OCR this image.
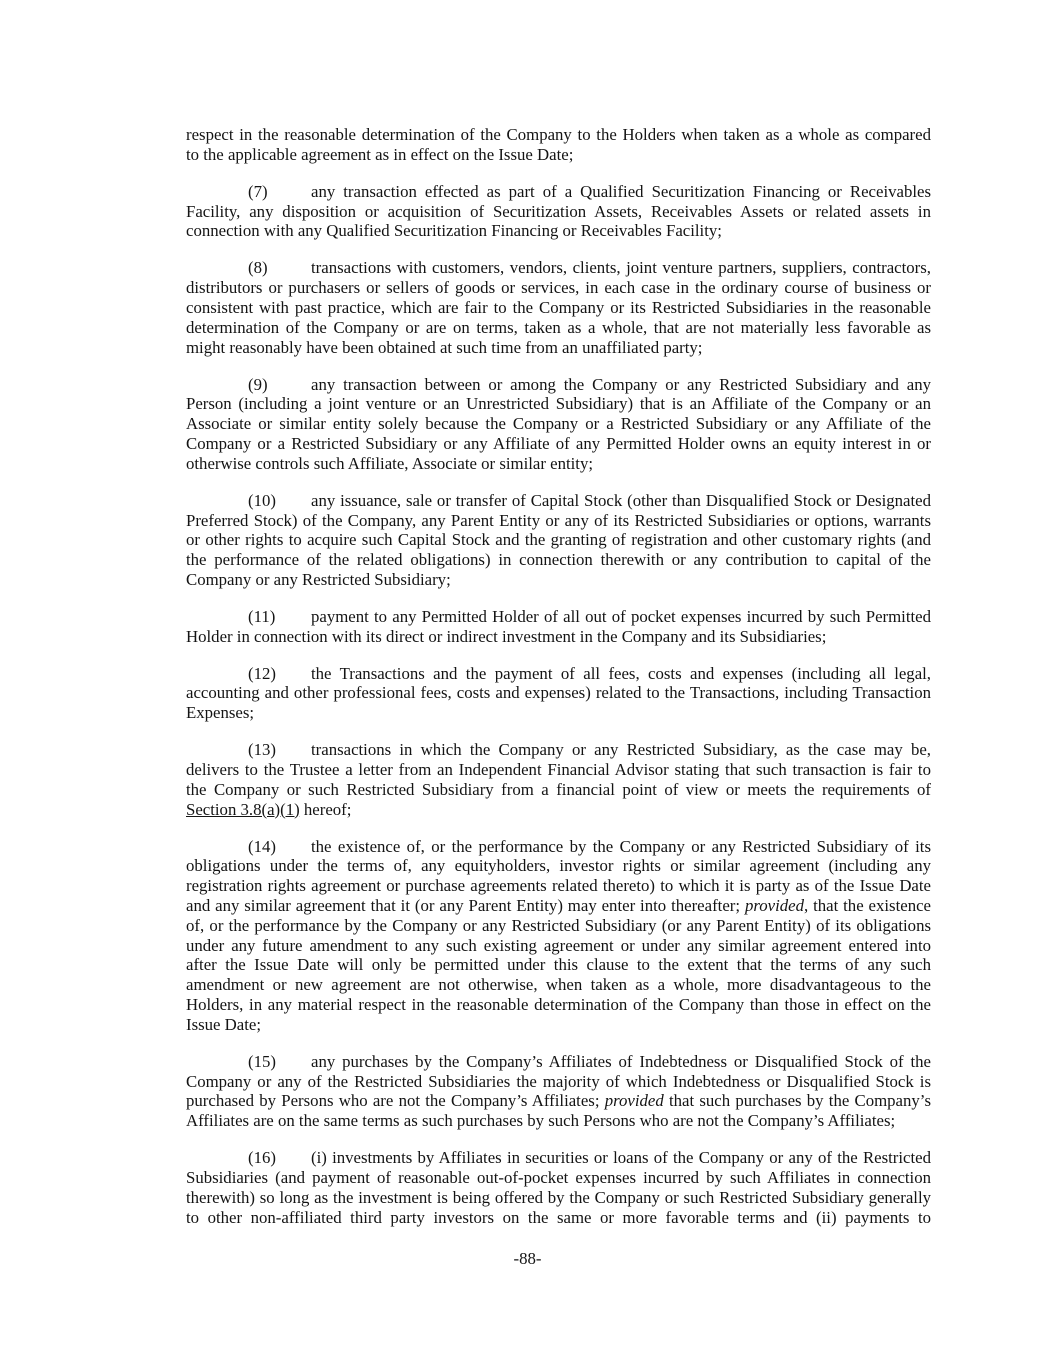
respect in the reasonable determination of the Company to the Holders when taken as a whole as compared
to the applicable agreement as in effect on the Issue Date;
(7)	any transaction effected as part of a Qualified Securitization Financing or Receivables
Facility, any disposition or acquisition of Securitization Assets, Receivables Assets or related assets in
connection with any Qualified Securitization Financing or Receivables Facility;
(8)	transactions with customers, vendors, clients, joint venture partners, suppliers, contractors,
distributors or purchasers or sellers of goods or services, in each case in the ordinary course of business or
consistent with past practice, which are fair to the Company or its Restricted Subsidiaries in the reasonable
determination of the Company or are on terms, taken as a whole, that are not materially less favorable as
might reasonably have been obtained at such time from an unaffiliated party;
(9)	any transaction between or among the Company or any Restricted Subsidiary and any
Person (including a joint venture or an Unrestricted Subsidiary) that is an Affiliate of the Company or an
Associate or similar entity solely because the Company or a Restricted Subsidiary or any Affiliate of the
Company or a Restricted Subsidiary or any Affiliate of any Permitted Holder owns an equity interest in or
otherwise controls such Affiliate, Associate or similar entity;
(10) any issuance, sale or transfer of Capital Stock (other than Disqualified Stock or Designated
Preferred Stock) of the Company, any Parent Entity or any of its Restricted Subsidiaries or options, warrants
or other rights to acquire such Capital Stock and the granting of registration and other customary rights (and
the performance of the related obligations) in connection therewith or any contribution to capital of the
Company or any Restricted Subsidiary;
(11) payment to any Permitted Holder of all out of pocket expenses incurred by such Permitted
Holder in connection with its direct or indirect investment in the Company and its Subsidiaries;
(12) the Transactions and the payment of all fees, costs and expenses (including all legal,
accounting and other professional fees, costs and expenses) related to the Transactions, including Transaction
Expenses;
(13) transactions in which the Company or any Restricted Subsidiary, as the case may be,
delivers to the Trustee a letter from an Independent Financial Advisor stating that such transaction is fair to
the Company or such Restricted Subsidiary from a financial point of view or meets the requirements of
Section 3.8(a)(1) hereof;
(14) the existence of, or the performance by the Company or any Restricted Subsidiary of its
obligations under the terms of, any equityholders, investor rights or similar agreement (including any
registration rights agreement or purchase agreements related thereto) to which it is party as of the Issue Date
and any similar agreement that it (or any Parent Entity) may enter into thereafter; provided, that the existence
of, or the performance by the Company or any Restricted Subsidiary (or any Parent Entity) of its obligations
under any future amendment to any such existing agreement or under any similar agreement entered into
after the Issue Date will only be permitted under this clause to the extent that the terms of any such
amendment or new agreement are not otherwise, when taken as a whole, more disadvantageous to the
Holders, in any material respect in the reasonable determination of the Company than those in effect on the
Issue Date;
(15) any purchases by the Company’s Affiliates of Indebtedness or Disqualified Stock of the
Company or any of the Restricted Subsidiaries the majority of which Indebtedness or Disqualified Stock is
purchased by Persons who are not the Company’s Affiliates; provided that such purchases by the Company’s
Affiliates are on the same terms as such purchases by such Persons who are not the Company’s Affiliates;
(16) (i) investments by Affiliates in securities or loans of the Company or any of the Restricted
Subsidiaries (and payment of reasonable out-of-pocket expenses incurred by such Affiliates in connection
therewith) so long as the investment is being offered by the Company or such Restricted Subsidiary generally
to other non-affiliated third party investors on the same or more favorable terms and (ii) payments to
-88-
